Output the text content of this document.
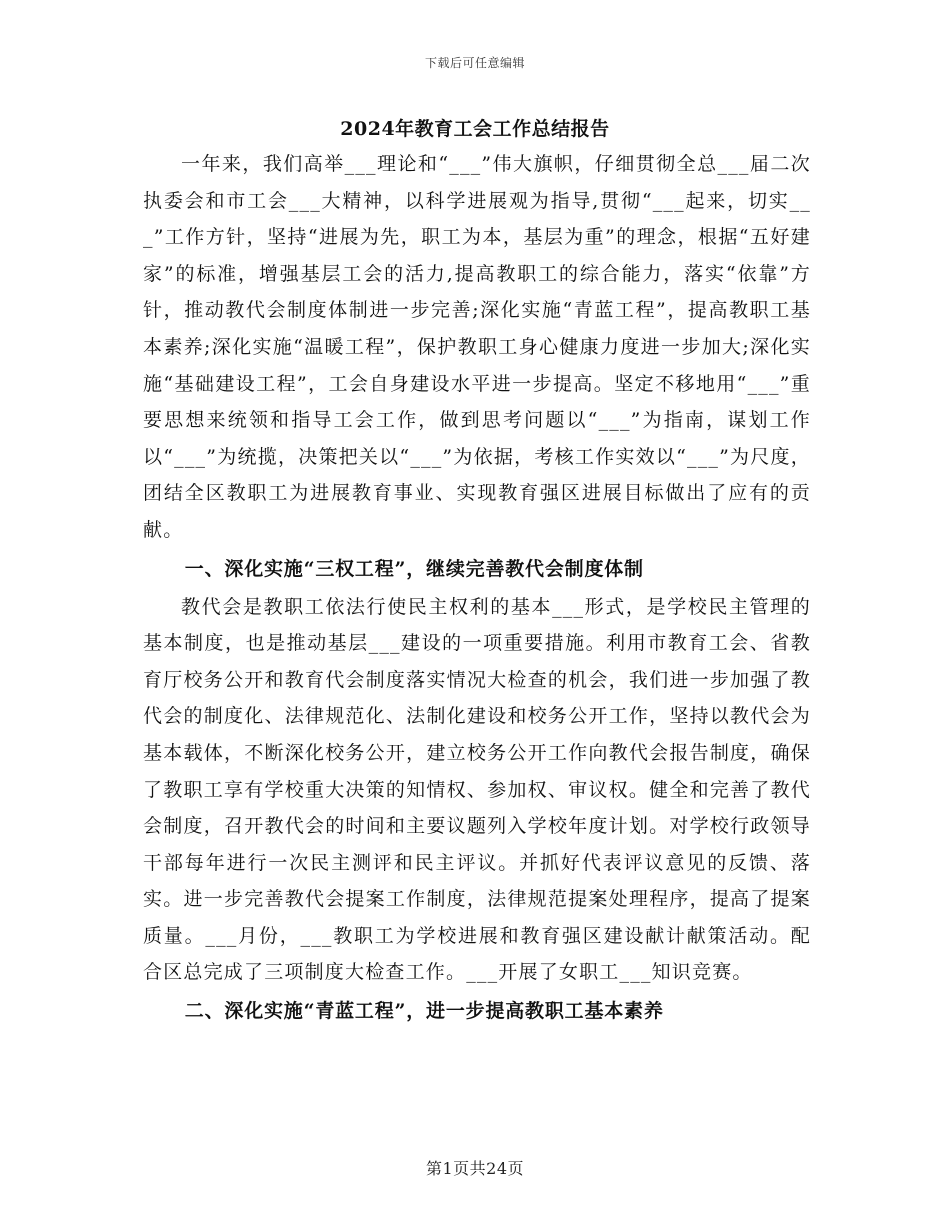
下载后可任意编辑
2024年教育工会工作总结报告

一年来，我们高举___理论和“___”伟大旗帜，仔细贯彻全总___届二次执委会和市工会___大精神，以科学进展观为指导,贯彻“___起来，切实___”工作方针，坚持“进展为先，职工为本，基层为重”的理念，根据“五好建家”的标准，增强基层工会的活力,提高教职工的综合能力，落实“依靠”方针，推动教代会制度体制进一步完善;深化实施“青蓝工程”，提高教职工基本素养;深化实施“温暖工程”，保护教职工身心健康力度进一步加大;深化实施“基础建设工程”，工会自身建设水平进一步提高。坚定不移地用“___”重要思想来统领和指导工会工作，做到思考问题以“___”为指南，谋划工作以“___”为统揽，决策把关以“___”为依据，考核工作实效以“___”为尺度，团结全区教职工为进展教育事业、实现教育强区进展目标做出了应有的贡献。

一、深化实施“三权工程”，继续完善教代会制度体制

教代会是教职工依法行使民主权利的基本___形式，是学校民主管理的基本制度，也是推动基层___建设的一项重要措施。利用市教育工会、省教育厅校务公开和教育代会制度落实情况大检查的机会，我们进一步加强了教代会的制度化、法律规范化、法制化建设和校务公开工作，坚持以教代会为基本载体，不断深化校务公开，建立校务公开工作向教代会报告制度，确保了教职工享有学校重大决策的知情权、参加权、审议权。健全和完善了教代会制度，召开教代会的时间和主要议题列入学校年度计划。对学校行政领导干部每年进行一次民主测评和民主评议。并抓好代表评议意见的反馈、落实。进一步完善教代会提案工作制度，法律规范提案处理程序，提高了提案质量。___月份，___教职工为学校进展和教育强区建设献计献策活动。配合区总完成了三项制度大检查工作。___开展了女职工___知识竞赛。

二、深化实施“青蓝工程”，进一步提高教职工基本素养

第1页共24页
